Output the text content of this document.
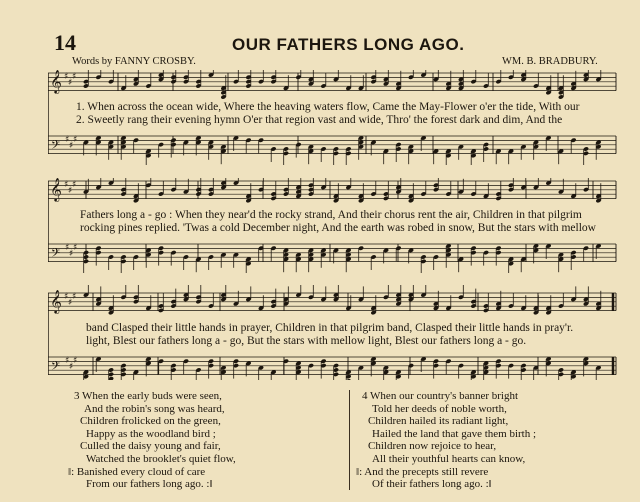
14	OUR FATHERS LONG AGO.
Words by FANNY CROSBY.	WM. B. BRADBURY.
𝄞 ♯
♯
♯
𝄢 ♯
♯
♯
1. When across the ocean wide, Where the heaving waters flow, Came the May-Flower o'er the tide, With our
2. Sweetly rang their evening hymn O'er that region vast and wide, Thro' the forest dark and dim, And the
𝄞 ♯
♯
♯
𝄢 ♯
♯
♯
Fathers long a - go : When they near'd the rocky strand, And their chorus rent the air, Children in that pilgrim
rocking pines replied. 'Twas a cold December night, And the earth was robed in snow, But the stars with mellow
𝄞 ♯
♯
♯
𝄢 ♯
♯
♯
band Clasped their little hands in prayer, Children in that pilgrim band, Clasped their little hands in pray'r.
light, Blest our fathers long a - go, But the stars with mellow light, Blest our fathers long a - go.
3 When the early buds were seen,
And the robin's song was heard,
Children frolicked on the green,
Happy as the woodland bird ;
Culled the daisy young and fair,
Watched the brooklet's quiet flow,
‖: Banished every cloud of care
From our fathers long ago. :‖
4 When our country's banner bright
Told her deeds of noble worth,
Children hailed its radiant light,
Hailed the land that gave them birth ;
Children now rejoice to hear,
All their youthful hearts can know,
‖: And the precepts still revere
Of their fathers long ago. :‖
